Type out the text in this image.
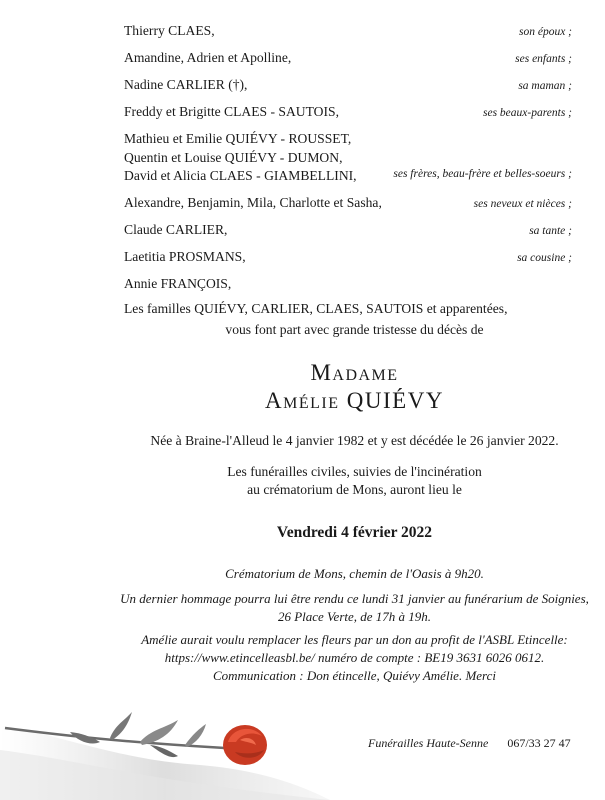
Thierry CLAES,	son époux ;
Amandine, Adrien et Apolline,	ses enfants ;
Nadine CARLIER (†),	sa maman ;
Freddy et Brigitte CLAES - SAUTOIS,	ses beaux-parents ;
Mathieu et Emilie QUIÉVY - ROUSSET,
Quentin et Louise QUIÉVY - DUMON,
David et Alicia CLAES - GIAMBELLINI,	ses frères, beau-frère et belles-soeurs ;
Alexandre, Benjamin, Mila, Charlotte et Sasha,	ses neveux et nièces ;
Claude CARLIER,	sa tante ;
Laetitia PROSMANS,	sa cousine ;
Annie FRANÇOIS,
Les familles QUIÉVY, CARLIER, CLAES, SAUTOIS et apparentées,
vous font part avec grande tristesse du décès de
Madame
Amélie QUIÉVY
Née à Braine-l'Alleud le 4 janvier 1982 et y est décédée le 26 janvier 2022.
Les funérailles civiles, suivies de l'incinération
au crématorium de Mons, auront lieu le
Vendredi 4 février 2022
Crématorium de Mons, chemin de l'Oasis à 9h20.
Un dernier hommage pourra lui être rendu ce lundi 31 janvier au funérarium de Soignies,
26 Place Verte, de 17h à 19h.
Amélie aurait voulu remplacer les fleurs par un don au profit de l'ASBL Etincelle:
https://www.etincelleasbl.be/ numéro de compte : BE19 3631 6026 0612.
Communication : Don étincelle, Quiévy Amélie. Merci
Funérailles Haute-Senne 067/33 27 47
